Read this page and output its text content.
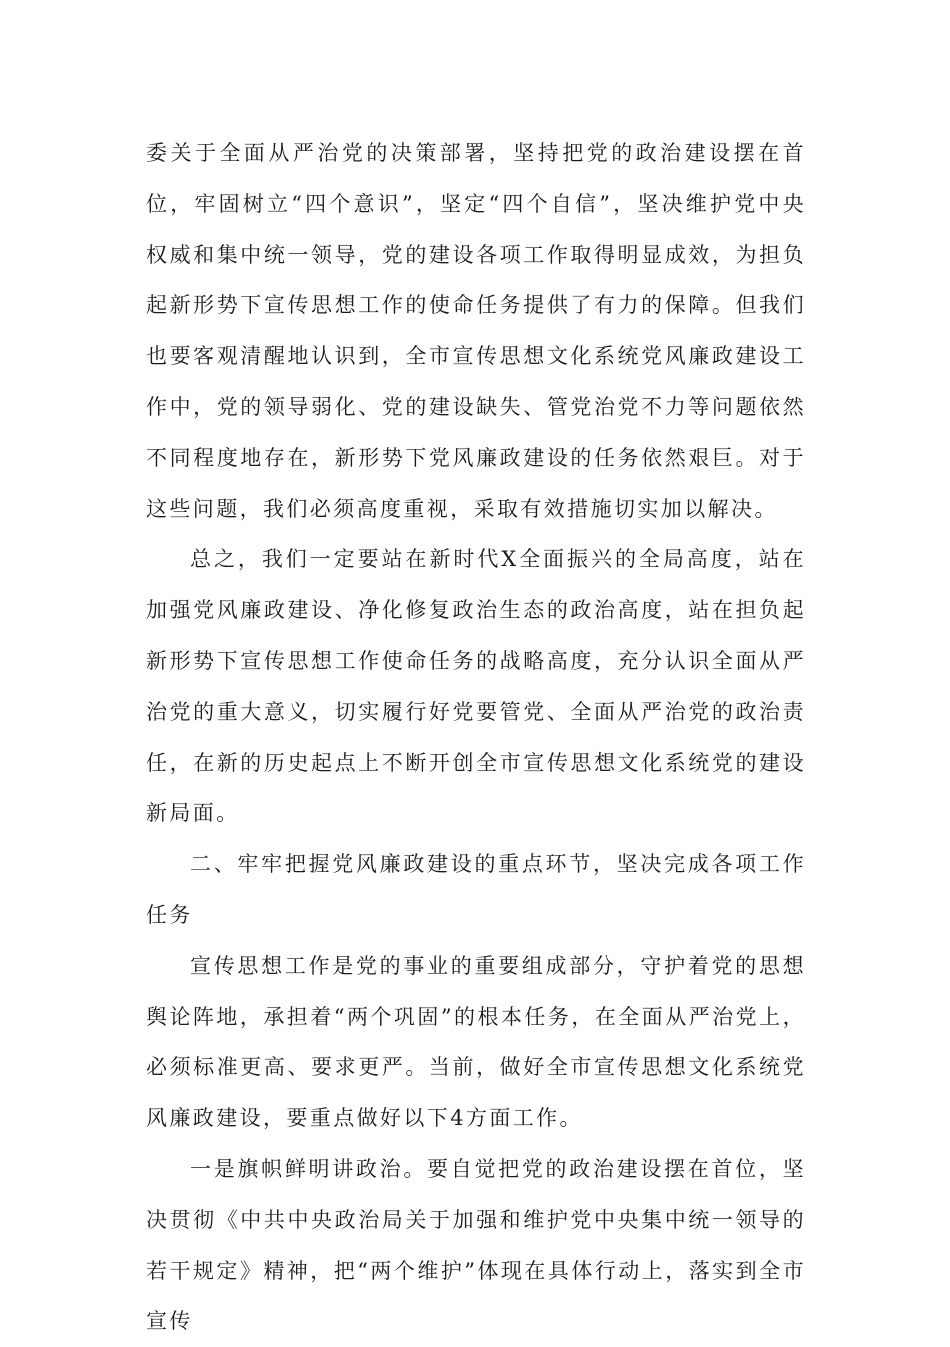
委关于全面从严治党的决策部署，坚持把党的政治建设摆在首位，牢固树立“四个意识”，坚定“四个自信”，坚决维护党中央权威和集中统一领导，党的建设各项工作取得明显成效，为担负起新形势下宣传思想工作的使命任务提供了有力的保障。但我们也要客观清醒地认识到，全市宣传思想文化系统党风廉政建设工作中，党的领导弱化、党的建设缺失、管党治党不力等问题依然不同程度地存在，新形势下党风廉政建设的任务依然艰巨。对于这些问题，我们必须高度重视，采取有效措施切实加以解决。

总之，我们一定要站在新时代X全面振兴的全局高度，站在加强党风廉政建设、净化修复政治生态的政治高度，站在担负起新形势下宣传思想工作使命任务的战略高度，充分认识全面从严治党的重大意义，切实履行好党要管党、全面从严治党的政治责任，在新的历史起点上不断开创全市宣传思想文化系统党的建设新局面。

二、牢牢把握党风廉政建设的重点环节，坚决完成各项工作任务

宣传思想工作是党的事业的重要组成部分，守护着党的思想舆论阵地，承担着“两个巩固”的根本任务，在全面从严治党上，必须标准更高、要求更严。当前，做好全市宣传思想文化系统党风廉政建设，要重点做好以下4方面工作。

一是旗帜鲜明讲政治。要自觉把党的政治建设摆在首位，坚决贯彻《中共中央政治局关于加强和维护党中央集中统一领导的若干规定》精神，把“两个维护”体现在具体行动上，落实到全市宣传
